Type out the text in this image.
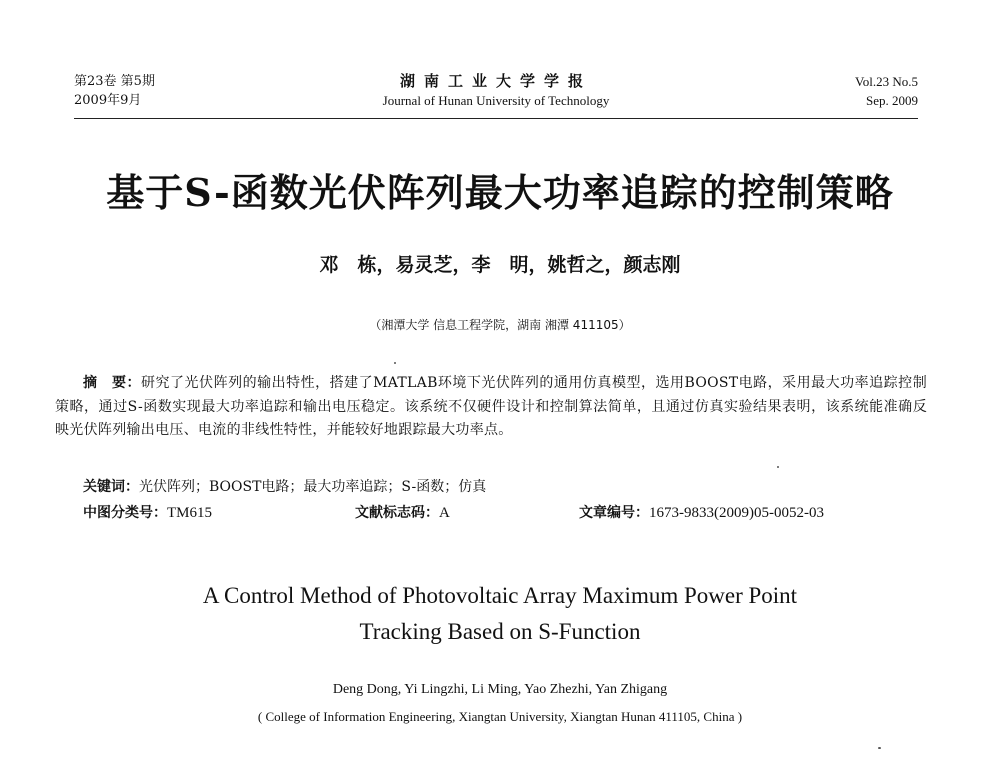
第23卷 第5期
2009年9月
湖南工业大学学报
Journal of Hunan University of Technology
Vol.23 No.5
Sep. 2009
基于S-函数光伏阵列最大功率追踪的控制策略
邓　栋，易灵芝，李　明，姚哲之，颜志刚
（湘潭大学 信息工程学院，湖南 湘潭 411105）
摘　要：研究了光伏阵列的输出特性，搭建了MATLAB环境下光伏阵列的通用仿真模型，选用BOOST电路，采用最大功率追踪控制策略，通过S-函数实现最大功率追踪和输出电压稳定。该系统不仅硬件设计和控制算法简单，且通过仿真实验结果表明，该系统能准确反映光伏阵列输出电压、电流的非线性特性，并能较好地跟踪最大功率点。
关键词：光伏阵列；BOOST电路；最大功率追踪；S-函数；仿真
中图分类号：TM615	文献标志码：A	文章编号：1673-9833(2009)05-0052-03
A Control Method of Photovoltaic Array Maximum Power Point
Tracking Based on S-Function
Deng Dong, Yi Lingzhi, Li Ming, Yao Zhezhi, Yan Zhigang
( College of Information Engineering, Xiangtan University, Xiangtan Hunan 411105, China )
